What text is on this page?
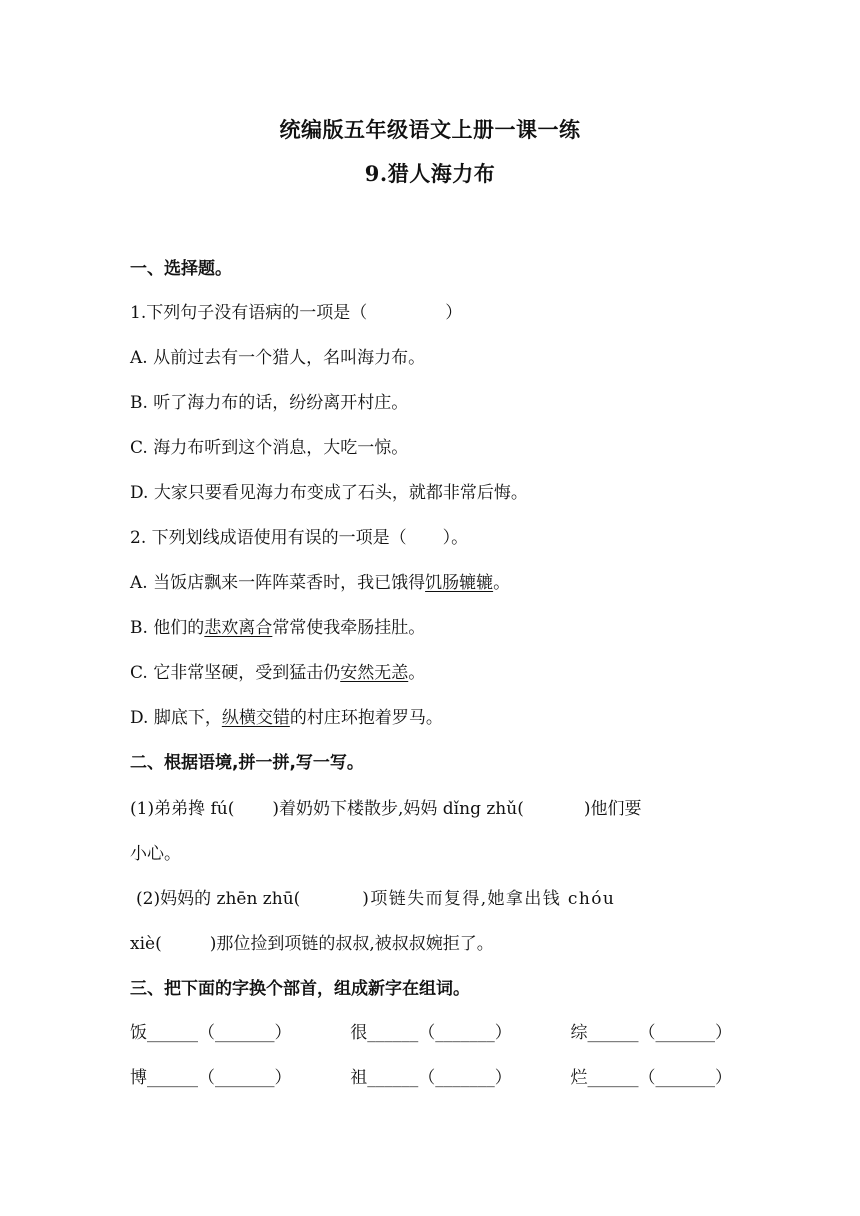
统编版五年级语文上册一课一练
9.猎人海力布
一、选择题。
1.下列句子没有语病的一项是（	）
A. 从前过去有一个猎人，名叫海力布。
B. 听了海力布的话，纷纷离开村庄。
C. 海力布听到这个消息，大吃一惊。
D. 大家只要看见海力布变成了石头，就都非常后悔。
2. 下列划线成语使用有误的一项是（ ）。
A. 当饭店飘来一阵阵菜香时，我已饿得饥肠辘辘。
B. 他们的悲欢离合常常使我牵肠挂肚。
C. 它非常坚硬，受到猛击仍安然无恙。
D. 脚底下，纵横交错的村庄环抱着罗马。
二、根据语境,拼一拼,写一写。
(1)弟弟搀 fú( )着奶奶下楼散步,妈妈 dǐng zhǔ(	)他们要
小心。
(2)妈妈的 zhēn zhū(	)项链失而复得,她拿出钱 chóu
xiè(	)那位捡到项链的叔叔,被叔叔婉拒了。
三、把下面的字换个部首，组成新字在组词。
饭______（_______）	很______（_______）	综______（_______）
博______（_______）	祖______（_______）	烂______（_______）
